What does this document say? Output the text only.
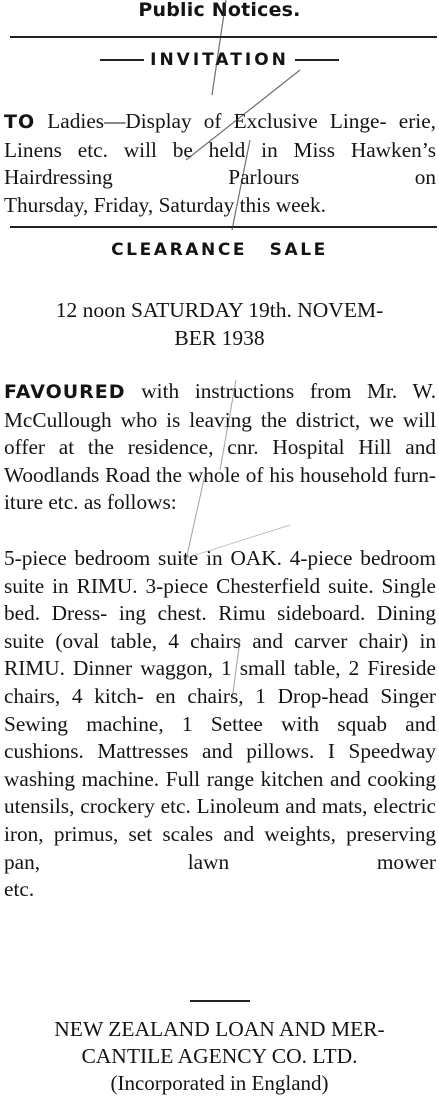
Public Notices.
INVITATION
TO Ladies—Display of Exclusive Linge- erie, Linens etc. will be held in Miss Hawken’s Hairdressing Parlours on
Thursday, Friday, Saturday this week.
CLEARANCE SALE
12 noon SATURDAY 19th. NOVEM-
BER 1938
FAVOURED with instructions from Mr. W. McCullough who is leaving the district, we will offer at the residence, cnr. Hospital Hill and Woodlands Road the whole of his household furn-
iture etc. as follows:
5-piece bedroom suite in OAK. 4-piece bedroom suite in RIMU. 3-piece Chesterfield suite. Single bed. Dress- ing chest. Rimu sideboard. Dining suite (oval table, 4 chairs and carver chair) in RIMU. Dinner waggon, 1 small table, 2 Fireside chairs, 4 kitch- en chairs, 1 Drop-head Singer Sewing machine, 1 Settee with squab and cushions. Mattresses and pillows. I Speedway washing machine. Full range kitchen and cooking utensils, crockery etc. Linoleum and mats, electric iron, primus, set scales and weights, preserving pan, lawn mower
etc.
NEW ZEALAND LOAN AND MER-
CANTILE AGENCY CO. LTD.
(Incorporated in England)
